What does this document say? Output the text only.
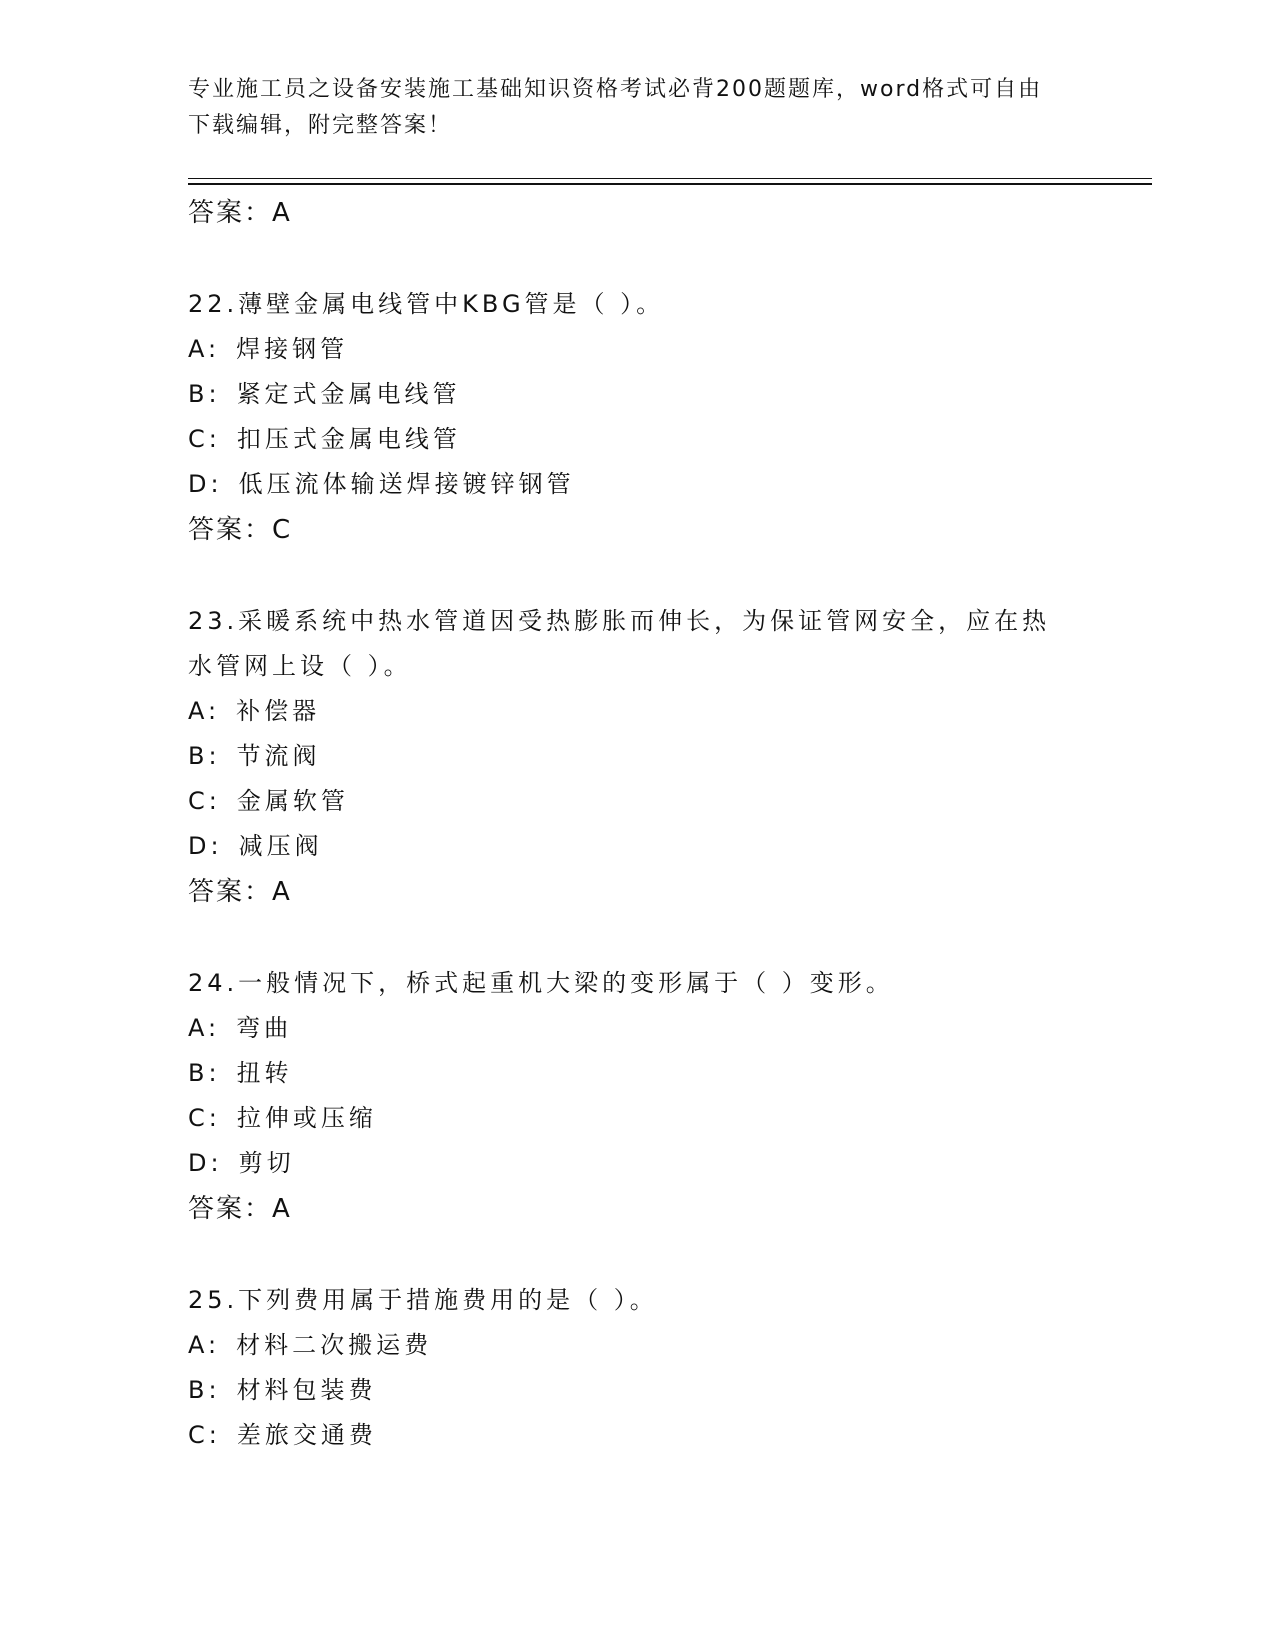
专业施工员之设备安装施工基础知识资格考试必背200题题库，word格式可自由
下载编辑，附完整答案！
答案：A
22.薄壁金属电线管中KBG管是（ ）。
A: 焊接钢管
B: 紧定式金属电线管
C: 扣压式金属电线管
D: 低压流体输送焊接镀锌钢管
答案：C
23.采暖系统中热水管道因受热膨胀而伸长，为保证管网安全，应在热
水管网上设（ ）。
A: 补偿器
B: 节流阀
C: 金属软管
D: 减压阀
答案：A
24.一般情况下，桥式起重机大梁的变形属于（ ）变形。
A: 弯曲
B: 扭转
C: 拉伸或压缩
D: 剪切
答案：A
25.下列费用属于措施费用的是（ ）。
A: 材料二次搬运费
B: 材料包装费
C: 差旅交通费
